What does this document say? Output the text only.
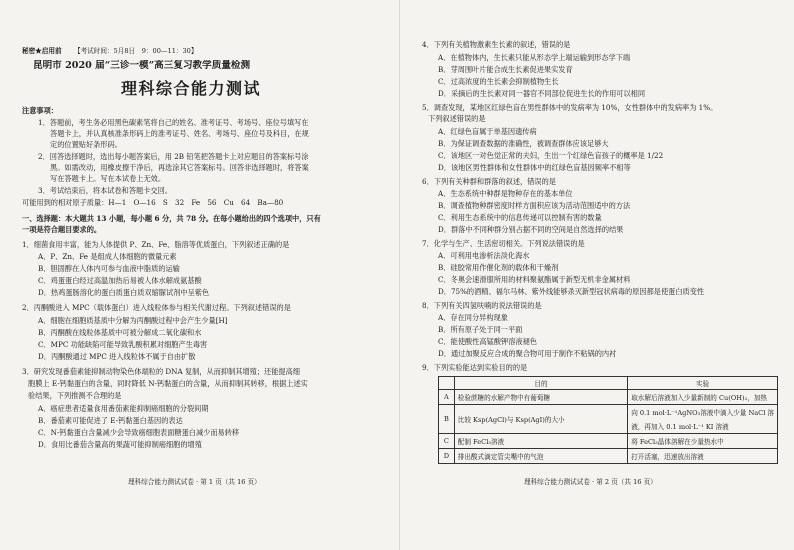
秘密★启用前 【考试时间：5月8日　9：00—11：30】
昆明市 2020 届“三诊一模”高三复习教学质量检测
理科综合能力测试
注意事项：
1．答题前，考生务必用黑色碳素笔将自己的姓名、准考证号、考场号、座位号填写在
答题卡上，并认真核准条形码上的准考证号、姓名、考场号、座位号及科目，在规
定的位置贴好条形码。
2．回答选择题时，选出每小题答案后，用 2B 铅笔把答题卡上对应题目的答案标号涂
黑。如需改动，用橡皮擦干净后，再选涂其它答案标号。回答非选择题时，将答案
写在答题卡上。写在本试卷上无效。
3．考试结束后，将本试卷和答题卡交回。
可能用到的相对原子质量：H—1　O—16　S　32　Fe　56　Cu　64　Ba—80
一、选择题：本大题共 13 小题，每小题 6 分，共 78 分。在每小题给出的四个选项中，只有
一项是符合题目要求的。
1．细菌食用丰富，能为人体提供 P、Zn、Fe、脂溶等优质蛋白，下列叙述正确的是
A．P、Zn、Fe 是组成人体细胞的微量元素
B．胆固醇在人体内可参与血液中脂质的运输
C．鸡蛋蛋白经过高温加热后易被人体水解成氨基酸
D．热鸡蛋肠溶化的蛋白质蛋白质双缩脲试剂中呈紫色
2．丙酮酸进入 MPC（载体蛋白）进入线粒体参与相关代谢过程。下列叙述错误的是
A．细胞在细胞质基质中分解为丙酮酸过程中会产生少量[H]
B．丙酮酸在线粒体基质中可被分解成二氧化碳和水
C．MPC 功能缺陷可能导致乳酸积累对细胞产生毒害
D．丙酮酸通过 MPC 进入线粒体不属于自由扩散
3．研究发现番茄素能抑制动物染色体端粒的 DNA 复制，从而抑制其增殖；还能提高细
胞膜上 E-钙黏蛋白的含量，同时降低 N-钙黏蛋白的含量，从而抑制其转移，根据上述实
验结果，下列推测不合理的是
A．癌症患者适量食用番茄素能抑制癌细胞的分裂间期
B．番茄素可能促进了 E-钙黏蛋白基因的表达
C．N-钙黏蛋白含量减少会导致癌细胞表面糖蛋白减少而易转移
D．食用比番茄含量高的果蔬可能抑制癌细胞的增殖
理科综合能力测试试卷 · 第 1 页（共 16 页）
4．下列有关植物激素生长素的叙述，错误的是
A．在植物体内，生长素只能从形态学上端运输到形态学下端
B．芽周围叶片能合成生长素促进果实发育
C．过高浓度的生长素会抑制植物生长
D．采摘后的生长素对同一器官不同部位促进生长的作用可以相同
5．调查发现，某地区红绿色盲在男性群体中的发病率为 10%，女性群体中的发病率为 1%。
下列叙述错误的是
A．红绿色盲属于单基因遗传病
B．为保证调查数据的准确性，被调查群体应该足够大
C．该地区一对色觉正常的夫妇，生出一个红绿色盲孩子的概率是 1/22
D．该地区男性群体和女性群体中的红绿色盲基因频率不相等
6．下列有关种群和群落的叙述，错误的是
A．生态系统中种群是物种存在的基本单位
B．调查植物种群密度时样方面积应该为活动范围适中的方法
C．利用生态系统中的信息传递可以控制有害的数量
D．群落中不同种群分别占据不同的空间是自然选择的结果
7．化学与生产、生活密切相关。下列说法错误的是
A．可利用电渗析法淡化海水
B．硅胶常用作催化剂的载体和干燥剂
C．冬奥会速滑服所用的材料聚氨酯属于新型无机非金属材料
D．75%的酒精、福尔马林、紫外线能够杀灭新型冠状病毒的原因都是使蛋白质变性
8．下列有关四氢呋喃的说法错误的是
A．存在同分异构现象
B．所有原子处于同一平面
C．能使酸性高锰酸钾溶液褪色
D．通过加聚反应合成的聚合物可用于制作不粘锅的内衬
9．下列实验能达到实验目的的是
	目的	实验
A	检验蔗糖的水解产物中有葡萄糖	取水解后溶液加入少量新制的 Cu(OH)₂，加热
B	比较 Ksp(AgCl)与 Ksp(AgI)的大小	向 0.1 mol·L⁻¹AgNO₃溶液中滴入少量 NaCl 溶
		液，再加入 0.1 mol·L⁻¹ KI 溶液
C	配制 FeCl₃溶液	将 FeCl₃晶体溶解在少量热水中
D	排出酸式滴定管尖嘴中的气泡	打开活塞，迅速放出溶液
理科综合能力测试试卷 · 第 2 页（共 16 页）
